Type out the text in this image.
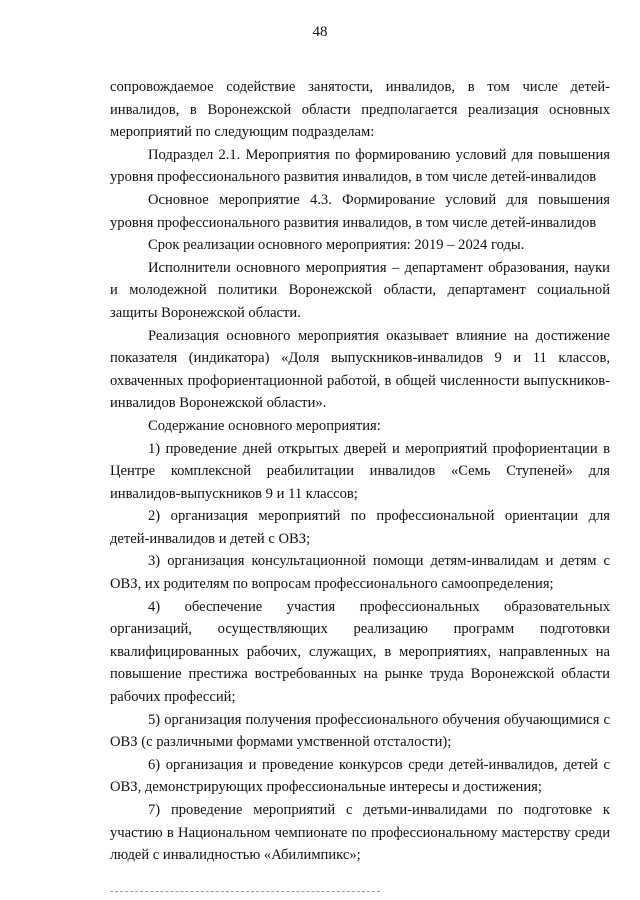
48

сопровождаемое содействие занятости, инвалидов, в том числе детей-инвалидов, в Воронежской области предполагается реализация основных мероприятий по следующим подразделам:

Подраздел 2.1. Мероприятия по формированию условий для повышения уровня профессионального развития инвалидов, в том числе детей-инвалидов

Основное мероприятие 4.3. Формирование условий для повышения уровня профессионального развития инвалидов, в том числе детей-инвалидов

Срок реализации основного мероприятия: 2019 – 2024 годы.

Исполнители основного мероприятия – департамент образования, науки и молодежной политики Воронежской области, департамент социальной защиты Воронежской области.

Реализация основного мероприятия оказывает влияние на достижение показателя (индикатора) «Доля выпускников-инвалидов 9 и 11 классов, охваченных профориентационной работой, в общей численности выпускников-инвалидов Воронежской области».

Содержание основного мероприятия:

1) проведение дней открытых дверей и мероприятий профориентации в Центре комплексной реабилитации инвалидов «Семь Ступеней» для инвалидов-выпускников 9 и 11 классов;

2) организация мероприятий по профессиональной ориентации для детей-инвалидов и детей с ОВЗ;

3) организация консультационной помощи детям-инвалидам и детям с ОВЗ, их родителям по вопросам профессионального самоопределения;

4) обеспечение участия профессиональных образовательных организаций, осуществляющих реализацию программ подготовки квалифицированных рабочих, служащих, в мероприятиях, направленных на повышение престижа востребованных на рынке труда Воронежской области рабочих профессий;

5) организация получения профессионального обучения обучающимися с ОВЗ (с различными формами умственной отсталости);

6) организация и проведение конкурсов среди детей-инвалидов, детей с ОВЗ, демонстрирующих профессиональные интересы и достижения;

7) проведение мероприятий с детьми-инвалидами по подготовке к участию в Национальном чемпионате по профессиональному мастерству среди людей с инвалидностью «Абилимпикс»;
